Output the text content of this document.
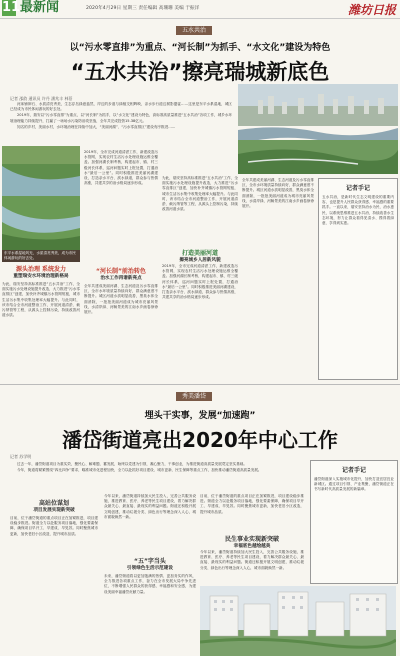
11 最新闻	2020年4月29日 星期三 责任编辑 高珊珊 美编 于振洋	潍坊日报
五水共治
以“污水零直排”为重点、“河长制”为抓手、“水文化”建设为特色
“五水共治”擦亮瑞城新底色

河床铺卵石、水质清亮秀美，生态浮岛绿意盎然，岸边的步道与绿植交相辉映，亲水步行道边树影婆娑……这里是东平水系湿地，城区已经成为市民休闲游玩的好去处。

2019年，瑞安以“污水零直排”为重点，以“河长制”为抓手，以“水文化”建设为特色，高标准高质量推进“五水共治”各项工作，城乡水环境治理能力持续提升，打赢了一场场水污染防治攻坚战，全年共完成投资15.38亿元。

知名的乡村，美丽水村，水环境治理在持续中加大，“美丽河湖”、“污水零直排区”建设有序推进……

记者 邵韵 通讯员 许丹 潘兆丰 林蓓
东平水系湿地风光，水质清亮秀美，成为市民休闲游玩的好去处。
源头治理 系统发力
重塑瑞安水环境治理新格局
为此，瑞安坚持高标准推进“五水共治”工作，全面实施污水处理设施提升改造，大力推进“污水零直排区”创建，加快补齐城镇污水管网短板，城市生活污水集中收集处理率大幅提升。与此同时，该市结合全市河道整治工作，开展河道清淤、截污纳管等工程，从源头上控制污染，持续改善河道水质。
2019年，全市完成河道清淤工作，新建改造污水管网，实现农村生活污水处理设施运维全覆盖。加强河湖长制考核，构建起市、镇、村三级河长体系，巡河问题实时上报处置，打通治水“最后一公里”。同时积极推进美丽河湖建设，打造亲水平台、滨水绿道，群众参与热情高涨，共建共享的治水格局逐步形成。
“河长制”前治转色
治水工作再谱新亮点
全年共建成美丽河湖、生态河道及污水零直排区，全市水环境质量持续向好，群众满意度不断提升。城区河道水质明显改善，黑臭水体全面消除，一批批美丽河道成为城市亮丽风景线，水清岸绿、河畅景美的江南水乡画卷徐徐展开。
为此，瑞安坚持高标准推进“五水共治”工作，全面实施污水处理设施提升改造，大力推进“污水零直排区”创建，加快补齐城镇污水管网短板，城市生活污水集中收集处理率大幅提升。与此同时，该市结合全市河道整治工作，开展河道清淤、截污纳管等工程，从源头上控制污染，持续改善河道水质。
打造美丽河道
擦亮城乡人居新风貌
2019年，全市完成河道清淤工作，新建改造污水管网，实现农村生活污水处理设施运维全覆盖。加强河湖长制考核，构建起市、镇、村三级河长体系，巡河问题实时上报处置，打通治水“最后一公里”。同时积极推进美丽河湖建设，打造亲水平台、滨水绿道，群众参与热情高涨，共建共享的治水格局逐步形成。
全年共建成美丽河湖、生态河道及污水零直排区，全市水环境质量持续向好，群众满意度不断提升。城区河道水质明显改善，黑臭水体全面消除，一批批美丽河道成为城市亮丽风景线，水清岸绿、河畅景美的江南水乡画卷徐徐展开。
记者手记
五水共治，是新时代生态文明建设的重要内容，也是提升人民群众获得感、幸福感的重要抓手。一直以来，瑞安坚持治水为民、治水惠民，以系统思维推进五水共治，持续改善水生态环境，努力让群众看得见清水、摸得着绿意、享得到实惠。
秀美潘岱
埋头干实事，发展“加速跑”
潘岱街道亮出2020年中心工作
记者 苏学明

过去一年，潘岱街道项目为重实效，聚民心、解难题、蓄发展，始终以党建为引领，凝心聚力，干事创业，为推进街道高质量发展奠定坚实基础。

今年，街道将紧紧围绕“四比四争”要求，瞄准城市化进程加快，全力以赴抓好项目建设、城市更新、民生保障等重点工作，加快推动潘岱街道高质量发展。

高站位谋划
项目发展实现新突破
目前，位于潘岱街道的重点项目正在加紧推进，项目建设稳步推进。街道全力以赴服务项目落地，强化要素保障，确保项目早开工、早建成、早见效。同时聚焦城市更新，加快老旧小区改造，提升城市品质。
今年以来，潘岱街道持续加大民生投入，完善公共服务设施，推进教育、医疗、养老等民生项目建设，着力解决群众最关心、最直接、最现实的利益问题。街道还积极开展文明创建，推动垃圾分类、绿色出行等理念深入人心，城市面貌焕然一新。
“五”字当头
引领绿色生活示范建设
未来，潘岱街道将以更加饱满的热情、更加务实的作风，全力推进各项重点工作，奋力在全市发展大局中争先进位，不断增强人民群众的获得感、幸福感和安全感，为建设美丽幸福潘岱贡献力量。
目前，位于潘岱街道的重点项目正在加紧推进，项目建设稳步推进。街道全力以赴服务项目落地，强化要素保障，确保项目早开工、早建成、早见效。同时聚焦城市更新，加快老旧小区改造，提升城市品质。
民生事业实现新突破
幸福底色越绘越美
今年以来，潘岱街道持续加大民生投入，完善公共服务设施，推进教育、医疗、养老等民生项目建设，着力解决群众最关心、最直接、最现实的利益问题。街道还积极开展文明创建，推动垃圾分类、绿色出行等理念深入人心，城市面貌焕然一新。
记者手记
潘岱街道深入实施城市化提升，加快打造宜居宜业新城区。通过项目引领、产业集聚，潘岱街道正在书写新时代高质量发展的新篇章。
